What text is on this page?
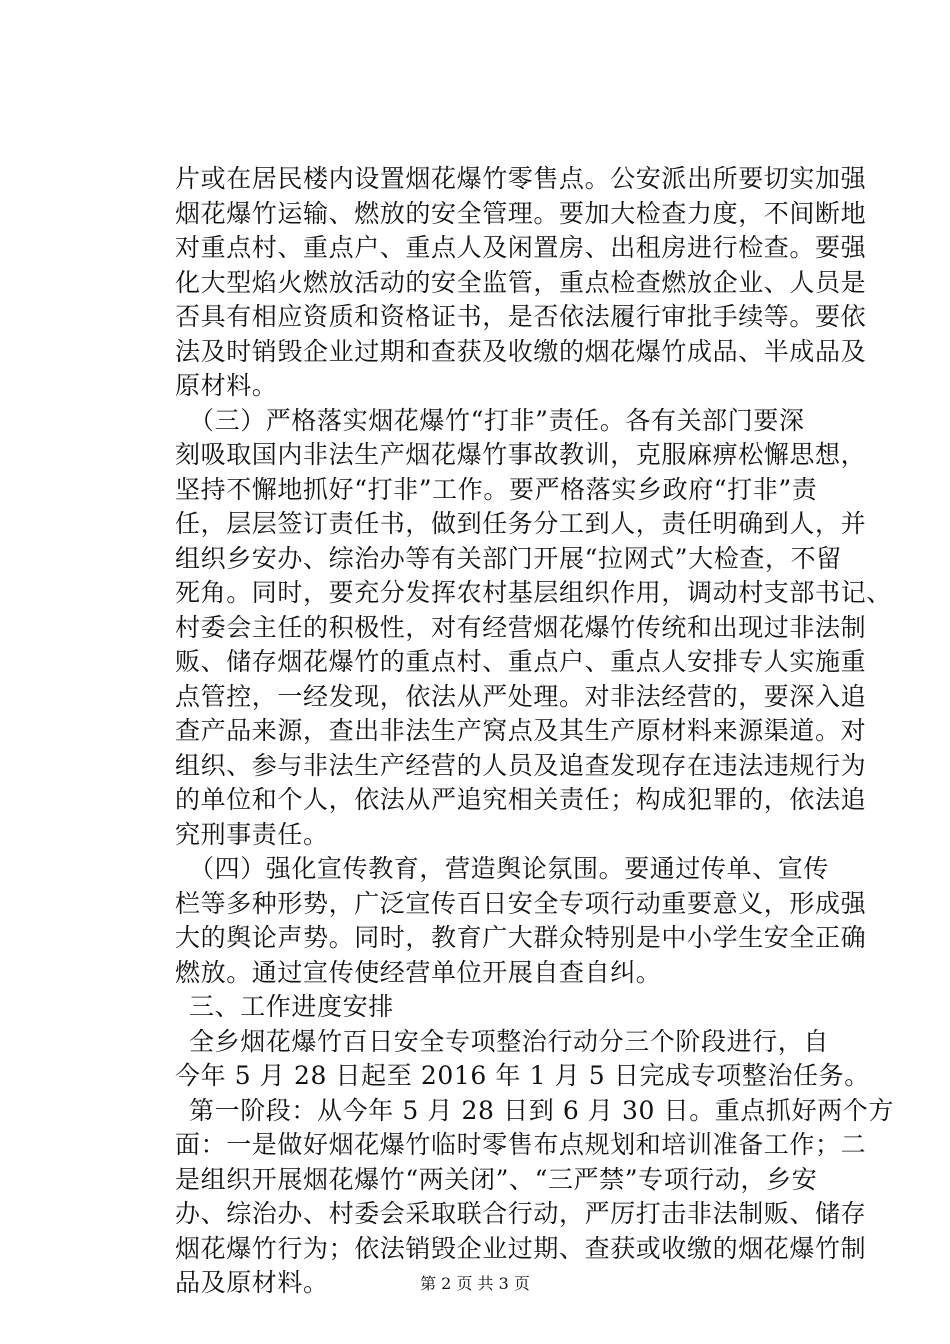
片或在居民楼内设置烟花爆竹零售点。公安派出所要切实加强
烟花爆竹运输、燃放的安全管理。要加大检查力度，不间断地
对重点村、重点户、重点人及闲置房、出租房进行检查。要强
化大型焰火燃放活动的安全监管，重点检查燃放企业、人员是
否具有相应资质和资格证书，是否依法履行审批手续等。要依
法及时销毁企业过期和查获及收缴的烟花爆竹成品、半成品及
原材料。
（三）严格落实烟花爆竹“打非”责任。各有关部门要深
刻吸取国内非法生产烟花爆竹事故教训，克服麻痹松懈思想，
坚持不懈地抓好“打非”工作。要严格落实乡政府“打非”责
任，层层签订责任书，做到任务分工到人，责任明确到人，并
组织乡安办、综治办等有关部门开展“拉网式”大检查，不留
死角。同时，要充分发挥农村基层组织作用，调动村支部书记、
村委会主任的积极性，对有经营烟花爆竹传统和出现过非法制
贩、储存烟花爆竹的重点村、重点户、重点人安排专人实施重
点管控，一经发现，依法从严处理。对非法经营的，要深入追
查产品来源，查出非法生产窝点及其生产原材料来源渠道。对
组织、参与非法生产经营的人员及追查发现存在违法违规行为
的单位和个人，依法从严追究相关责任；构成犯罪的，依法追
究刑事责任。
（四）强化宣传教育，营造舆论氛围。要通过传单、宣传
栏等多种形势，广泛宣传百日安全专项行动重要意义，形成强
大的舆论声势。同时，教育广大群众特别是中小学生安全正确
燃放。通过宣传使经营单位开展自查自纠。
三、工作进度安排
全乡烟花爆竹百日安全专项整治行动分三个阶段进行，自
今年 5 月 28 日起至 2016 年 1 月 5 日完成专项整治任务。
第一阶段：从今年 5 月 28 日到 6 月 30 日。重点抓好两个方
面：一是做好烟花爆竹临时零售布点规划和培训准备工作；二
是组织开展烟花爆竹“两关闭”、“三严禁”专项行动，乡安
办、综治办、村委会采取联合行动，严厉打击非法制贩、储存
烟花爆竹行为；依法销毁企业过期、查获或收缴的烟花爆竹制
品及原材料。	第 2 页 共 3 页
